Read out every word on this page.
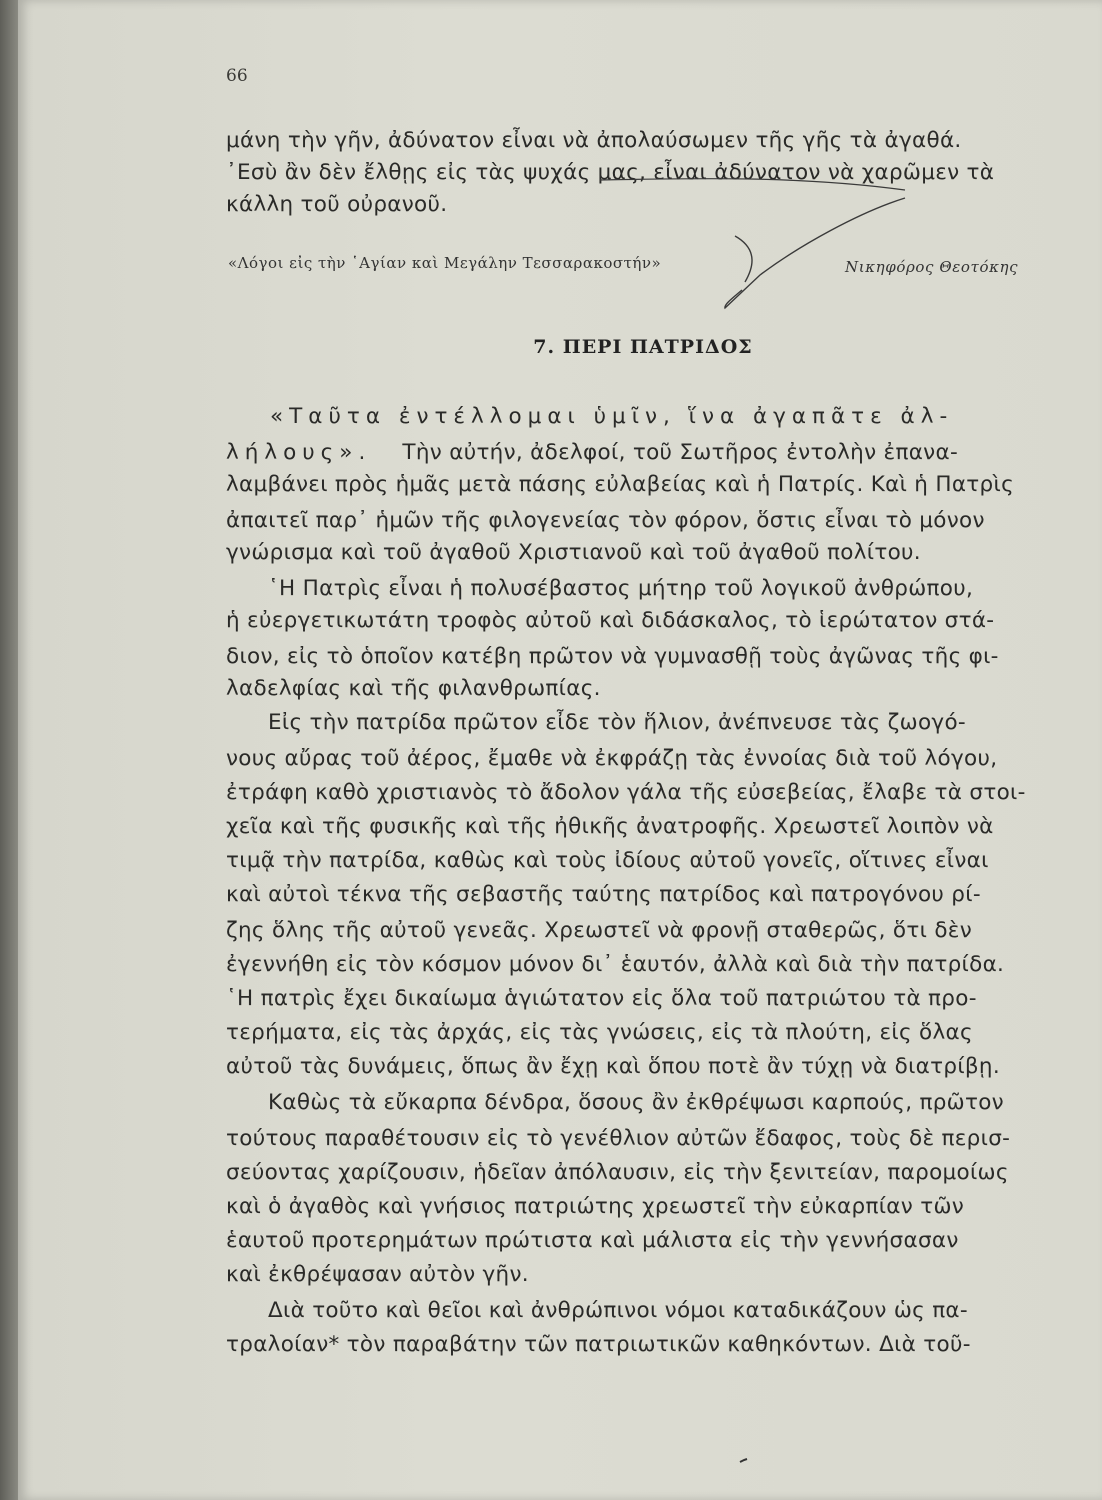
66
μάνη τὴν γῆν, ἀδύνατον εἶναι νὰ ἀπολαύσωμεν τῆς γῆς τὰ ἀγαθά.
᾿Εσὺ ἂν δὲν ἔλθῃς εἰς τὰς ψυχάς μας, εἶναι ἀδύνατον νὰ χαρῶμεν τὰ
κάλλη τοῦ οὐρανοῦ.
«Λόγοι εἰς τὴν ῾Αγίαν καὶ Μεγάλην Τεσσαρακοστήν»	Νικηφόρος Θεοτόκης
7. ΠΕΡΙ ΠΑΤΡΙΔΟΣ
«Ταῦτα ἐντέλλομαι ὑμῖν, ἵνα ἀγαπᾶτε ἀλ-
λήλους». Τὴν αὐτήν, ἀδελφοί, τοῦ Σωτῆρος ἐντολὴν ἐπανα-
λαμβάνει πρὸς ἡμᾶς μετὰ πάσης εὐλαβείας καὶ ἡ Πατρίς. Καὶ ἡ Πατρὶς
ἀπαιτεῖ παρ᾿ ἡμῶν τῆς φιλογενείας τὸν φόρον, ὅστις εἶναι τὸ μόνον
γνώρισμα καὶ τοῦ ἀγαθοῦ Χριστιανοῦ καὶ τοῦ ἀγαθοῦ πολίτου.
῾Η Πατρὶς εἶναι ἡ πολυσέβαστος μήτηρ τοῦ λογικοῦ ἀνθρώπου,
ἡ εὐεργετικωτάτη τροφὸς αὐτοῦ καὶ διδάσκαλος, τὸ ἱερώτατον στά-
διον, εἰς τὸ ὁποῖον κατέβη πρῶτον νὰ γυμνασθῇ τοὺς ἀγῶνας τῆς φι-
λαδελφίας καὶ τῆς φιλανθρωπίας.
Εἰς τὴν πατρίδα πρῶτον εἶδε τὸν ἥλιον, ἀνέπνευσε τὰς ζωογό-
νους αὔρας τοῦ ἀέρος, ἔμαθε νὰ ἐκφράζῃ τὰς ἐννοίας διὰ τοῦ λόγου,
ἐτράφη καθὸ χριστιανὸς τὸ ἄδολον γάλα τῆς εὐσεβείας, ἔλαβε τὰ στοι-
χεῖα καὶ τῆς φυσικῆς καὶ τῆς ἠθικῆς ἀνατροφῆς. Χρεωστεῖ λοιπὸν νὰ
τιμᾷ τὴν πατρίδα, καθὼς καὶ τοὺς ἰδίους αὐτοῦ γονεῖς, οἵτινες εἶναι
καὶ αὐτοὶ τέκνα τῆς σεβαστῆς ταύτης πατρίδος καὶ πατρογόνου ρί-
ζης ὅλης τῆς αὐτοῦ γενεᾶς. Χρεωστεῖ νὰ φρονῇ σταθερῶς, ὅτι δὲν
ἐγεννήθη εἰς τὸν κόσμον μόνον δι᾿ ἑαυτόν, ἀλλὰ καὶ διὰ τὴν πατρίδα.
῾Η πατρὶς ἔχει δικαίωμα ἁγιώτατον εἰς ὅλα τοῦ πατριώτου τὰ προ-
τερήματα, εἰς τὰς ἀρχάς, εἰς τὰς γνώσεις, εἰς τὰ πλούτη, εἰς ὅλας
αὐτοῦ τὰς δυνάμεις, ὅπως ἂν ἔχῃ καὶ ὅπου ποτὲ ἂν τύχῃ νὰ διατρίβῃ.
Καθὼς τὰ εὔκαρπα δένδρα, ὅσους ἂν ἐκθρέψωσι καρπούς, πρῶτον
τούτους παραθέτουσιν εἰς τὸ γενέθλιον αὐτῶν ἔδαφος, τοὺς δὲ περισ-
σεύοντας χαρίζουσιν, ἡδεῖαν ἀπόλαυσιν, εἰς τὴν ξενιτείαν, παρομοίως
καὶ ὁ ἀγαθὸς καὶ γνήσιος πατριώτης χρεωστεῖ τὴν εὐκαρπίαν τῶν
ἑαυτοῦ προτερημάτων πρώτιστα καὶ μάλιστα εἰς τὴν γεννήσασαν
καὶ ἐκθρέψασαν αὐτὸν γῆν.
Διὰ τοῦτο καὶ θεῖοι καὶ ἀνθρώπινοι νόμοι καταδικάζουν ὡς πα-
τραλοίαν* τὸν παραβάτην τῶν πατριωτικῶν καθηκόντων. Διὰ τοῦ-
